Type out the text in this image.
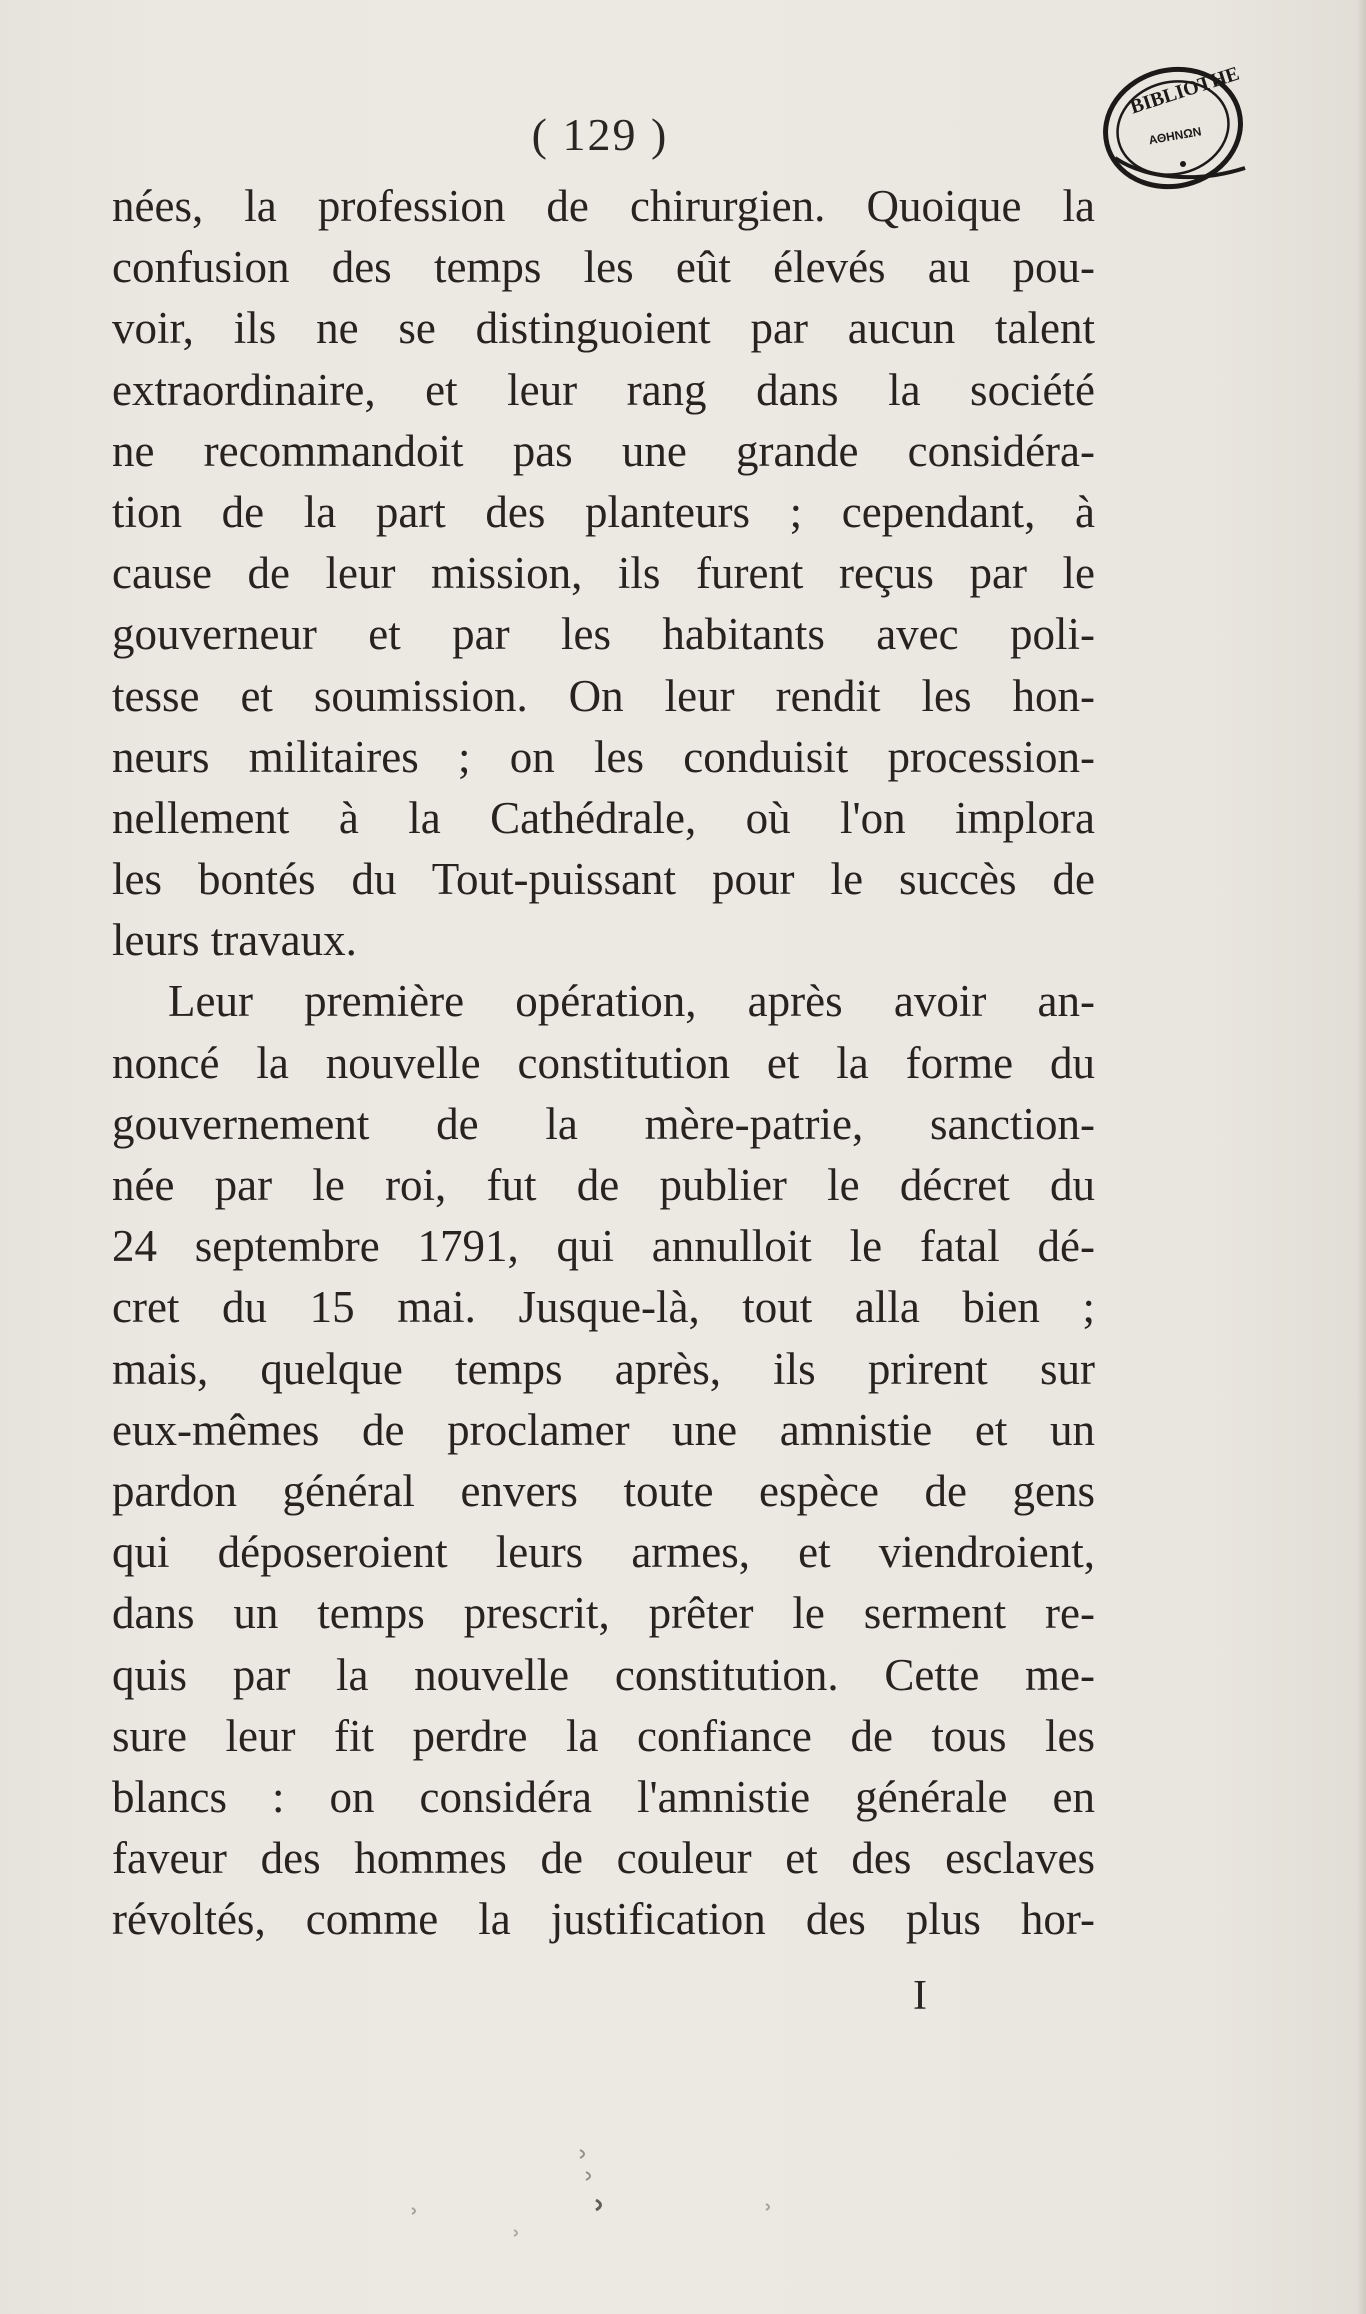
( 129 )
BIBLIOTHE
ΑΘΗΝΩΝ
nées, la profession de chirurgien. Quoique la
confusion des temps les eût élevés au pou-
voir, ils ne se distinguoient par aucun talent
extraordinaire, et leur rang dans la société
ne recommandoit pas une grande considéra-
tion de la part des planteurs ; cependant, à
cause de leur mission, ils furent reçus par le
gouverneur et par les habitants avec poli-
tesse et soumission. On leur rendit les hon-
neurs militaires ; on les conduisit procession-
nellement à la Cathédrale, où l'on implora
les bontés du Tout-puissant pour le succès de
leurs travaux.
Leur première opération, après avoir an-
noncé la nouvelle constitution et la forme du
gouvernement de la mère-patrie, sanction-
née par le roi, fut de publier le décret du
24 septembre 1791, qui annulloit le fatal dé-
cret du 15 mai. Jusque-là, tout alla bien ;
mais, quelque temps après, ils prirent sur
eux-mêmes de proclamer une amnistie et un
pardon général envers toute espèce de gens
qui déposeroient leurs armes, et viendroient,
dans un temps prescrit, prêter le serment re-
quis par la nouvelle constitution. Cette me-
sure leur fit perdre la confiance de tous les
blancs : on considéra l'amnistie générale en
faveur des hommes de couleur et des esclaves
révoltés, comme la justification des plus hor-
I
